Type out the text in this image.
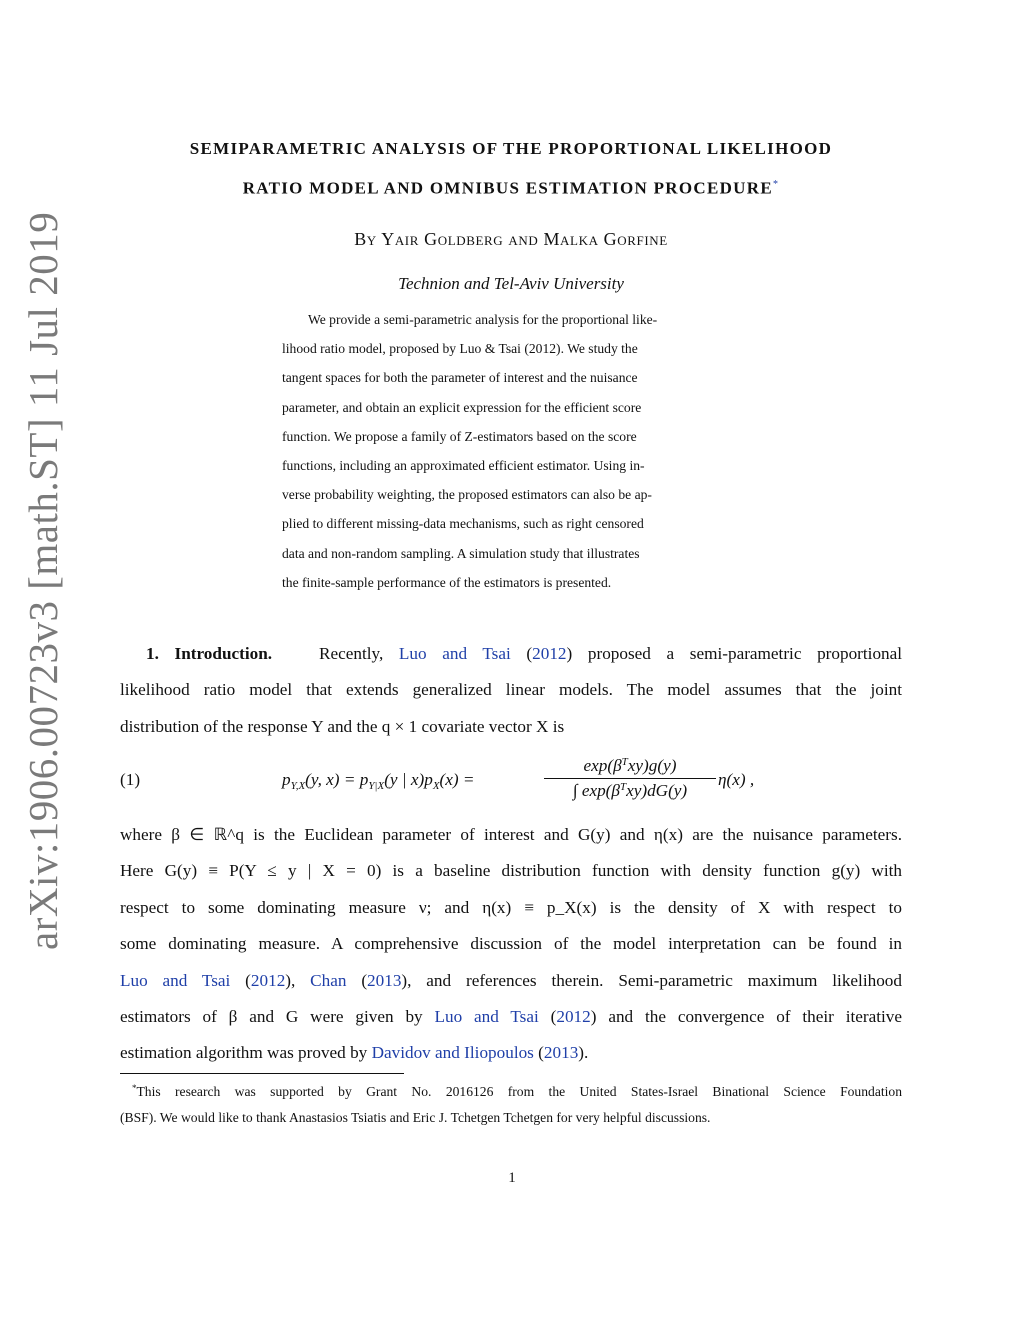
arXiv:1906.00723v3 [math.ST] 11 Jul 2019
SEMIPARAMETRIC ANALYSIS OF THE PROPORTIONAL LIKELIHOOD
RATIO MODEL AND OMNIBUS ESTIMATION PROCEDURE*
By Yair Goldberg and Malka Gorfine
Technion and Tel-Aviv University
We provide a semi-parametric analysis for the proportional like-
lihood ratio model, proposed by Luo & Tsai (2012). We study the
tangent spaces for both the parameter of interest and the nuisance
parameter, and obtain an explicit expression for the efficient score
function. We propose a family of Z-estimators based on the score
functions, including an approximated efficient estimator. Using in-
verse probability weighting, the proposed estimators can also be ap-
plied to different missing-data mechanisms, such as right censored
data and non-random sampling. A simulation study that illustrates
the finite-sample performance of the estimators is presented.
1. Introduction.	Recently, Luo and Tsai (2012) proposed a semi-parametric proportional
likelihood ratio model that extends generalized linear models. The model assumes that the joint
distribution of the response Y and the q × 1 covariate vector X is
(1)	$p_{Y,X}(y$, $x) = p_{Y|X}(y$ | $x)p_X(x)$ =
$\exp(\beta^Txy)g(y)$
∫ $\exp(\beta^Txy)dG(y)$
η(x) ,
where β ∈ ℝ^q is the Euclidean parameter of interest and G(y) and η(x) are the nuisance parameters.
Here G(y) ≡ P(Y ≤ y | X = 0) is a baseline distribution function with density function g(y) with
respect to some dominating measure ν; and η(x) ≡ p_X(x) is the density of X with respect to
some dominating measure. A comprehensive discussion of the model interpretation can be found in
Luo and Tsai (2012), Chan (2013), and references therein. Semi-parametric maximum likelihood
estimators of β and G were given by Luo and Tsai (2012) and the convergence of their iterative
estimation algorithm was proved by Davidov and Iliopoulos (2013).
*This research was supported by Grant No. 2016126 from the United States-Israel Binational Science Foundation
(BSF). We would like to thank Anastasios Tsiatis and Eric J. Tchetgen Tchetgen for very helpful discussions.
1
